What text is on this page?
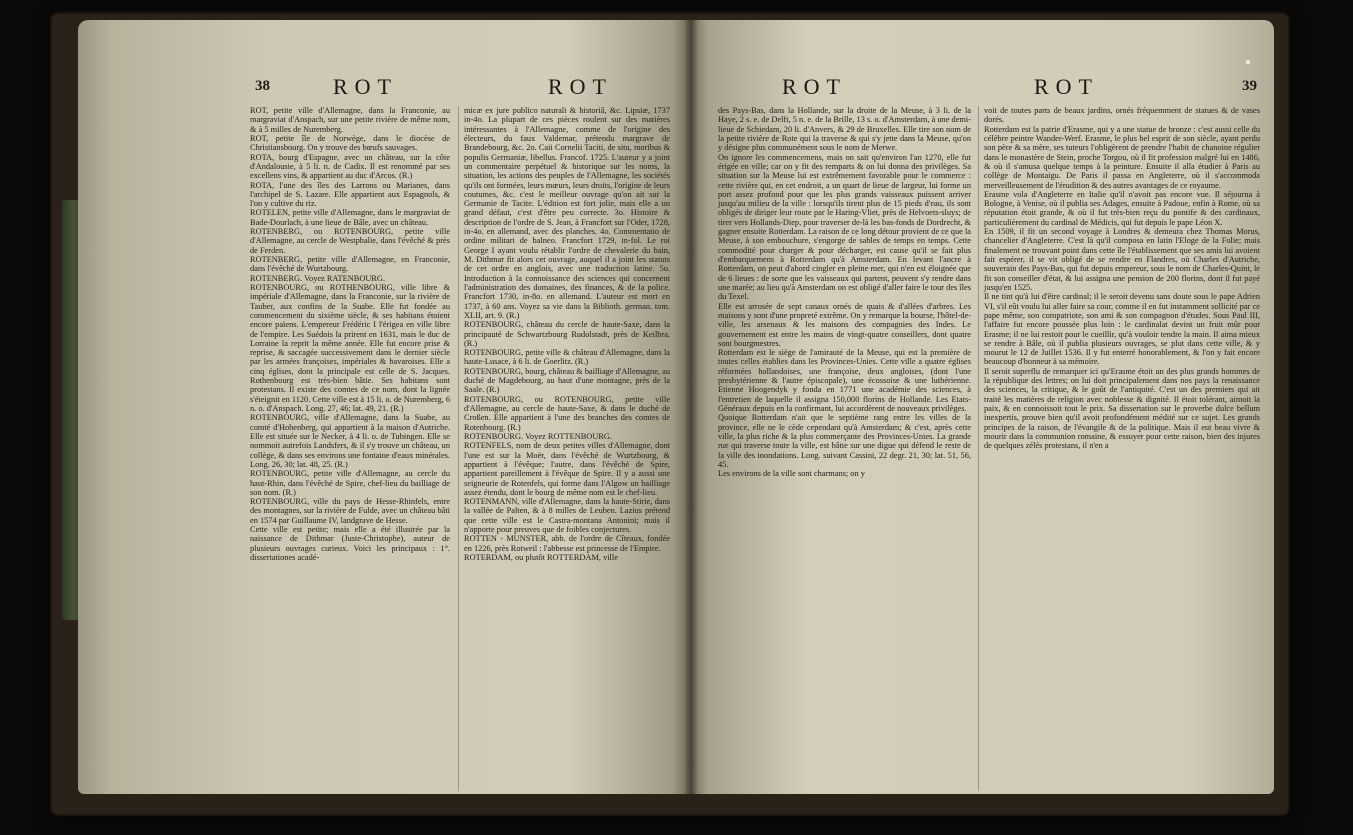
38	ROT	ROT
ROT, petite ville d'Allemagne, dans la Franconie, au margraviat d'Anspach, sur une petite rivière de même nom, & à 5 milles de Nuremberg.
ROT, petite île de Norwège, dans le diocèse de Christiansbourg. On y trouve des bœufs sauvages.
ROTA, bourg d'Espagne, avec un château, sur la côte d'Andalousie, à 5 li. n. de Cadix. Il est renommé par ses excellens vins, & appartient au duc d'Arcos. (R.)
ROTA, l'une des îles des Larrons ou Marianes, dans l'archipel de S. Lazare. Elle appartient aux Espagnols, & l'on y cultive du riz.
ROTELEN, petite ville d'Allemagne, dans le margraviat de Bade-Dourlach, à une lieue de Bâle, avec un château.
ROTENBERG, ou ROTENBOURG, petite ville d'Allemagne, au cercle de Westphalie, dans l'évêché & près de Ferden.
ROTENBERG, petite ville d'Allemagne, en Franconie, dans l'évêché de Wurtzbourg.
ROTENBERG. Voyez RATENBOURG.
ROTENBOURG, ou ROTHENBOURG, ville libre & impériale d'Allemagne, dans la Franconie, sur la rivière de Tauber, aux confins de la Suabe. Elle fut fondée au commencement du sixième siècle, & ses habitans étoient encore païens. L'empereur Frédéric I l'érigea en ville libre de l'empire. Les Suédois la prirent en 1631, mais le duc de Lorraine la reprit la même année. Elle fut encore prise & reprise, & saccagée successivement dans le dernier siècle par les armées françoises, impériales & bavaroises. Elle a cinq églises, dont la principale est celle de S. Jacques. Rothenbourg est très-bien bâtie. Ses habitans sont protestans. Il existe des comtes de ce nom, dont la lignée s'éteignit en 1120. Cette ville est à 15 li. o. de Nuremberg, 6 n. o. d'Anspach. Long. 27, 46; lat. 49, 21. (R.)
ROTENBOURG, ville d'Allemagne, dans la Suabe, au comté d'Hohenberg, qui appartient à la maison d'Autriche. Elle est située sur le Necker, à 4 li. o. de Tubingen. Elle se nommoit autrefois Landsfers, & il s'y trouve un château, un collège, & dans ses environs une fontaine d'eaux minérales. Long. 26, 30; lat. 48, 25. (R.)
ROTENBOURG, petite ville d'Allemagne, au cercle du haut-Rhin, dans l'évêché de Spire, chef-lieu du bailliage de son nom. (R.)
ROTENBOURG, ville du pays de Hesse-Rhinfels, entre des montagnes, sur la rivière de Fulde, avec un château bâti en 1574 par Guillaume IV, landgrave de Hesse.
Cette ville est petite; mais elle a été illustrée par la naissance de Dithmar (Juste-Christophe), auteur de plusieurs ouvrages curieux. Voici les principaux : 1°. dissertationes acadé-
micæ ex jure publico naturali & historiâ, &c. Lipsiæ, 1737 in-4o. La plupart de ces pièces roulent sur des matières intéressantes à l'Allemagne, comme de l'origine des électeurs, du faux Valdemar, prétendu margrave de Brandebourg, &c. 2o. Caii Cornelii Taciti, de situ, moribus & populis Germaniæ, libellus. Francof. 1725. L'auteur y a joint un commentaire perpétuel & historique sur les noms, la situation, les actions des peuples de l'Allemagne, les sociétés qu'ils ont formées, leurs mœurs, leurs droits, l'origine de leurs coutumes, &c. c'est le meilleur ouvrage qu'on ait sur la Germanie de Tacite. L'édition est fort jolie, mais elle a un grand défaut, c'est d'être peu correcte. 3o. Histoire & description de l'ordre de S. Jean, à Francfort sur l'Oder, 1728, in-4o. en allemand, avec des planches. 4o. Commentatio de ordine militari de balneo. Francfort 1729, in-fol. Le roi George I ayant voulu rétablir l'ordre de chevalerie du bain, M. Dithmar fit alors cet ouvrage, auquel il a joint les statuts de cet ordre en anglois, avec une traduction latine. 5o. Introduction à la connoissance des sciences qui concernent l'administration des domaines, des finances, & de la police. Francfort 1730, in-8o. en allemand. L'auteur est mort en 1737, à 60 ans. Voyez sa vie dans la Biblioth. german. tom. XLII, art. 9. (R.)
ROTENBOURG, château du cercle de haute-Saxe, dans la principauté de Schwartzbourg Rudolstadt, près de Keilbra. (R.)
ROTENBOURG, petite ville & château d'Allemagne, dans la haute-Lusace, à 6 li. de Goerlitz. (R.)
ROTENBOURG, bourg, château & bailliage d'Allemagne, au duché de Magdebourg, au haut d'une montagne, près de la Saale. (R.)
ROTENBOURG, ou ROTENBOURG, petite ville d'Allemagne, au cercle de haute-Saxe, & dans le duché de Croßen. Elle appartient à l'une des branches des comtes de Rotenbourg. (R.)
ROTENBOURG. Voyez ROTTENBOURG.
ROTENFELS, nom de deux petites villes d'Allemagne, dont l'une est sur la Moër, dans l'évêché de Wurtzbourg, & appartient à l'évêque; l'autre, dans l'évêché de Spire, appartient pareillement à l'évêque de Spire. Il y a aussi une seigneurie de Rotenfels, qui forme dans l'Algow un bailliage assez étendu, dont le bourg de même nom est le chef-lieu.
ROTENMANN, ville d'Allemagne, dans la haute-Stirie, dans la vallée de Palten, & à 8 milles de Leuben. Lazius prétend que cette ville est le Castra-montana Antonini; mais il n'apporte pour preuves que de foibles conjectures.
ROTTEN - MUNSTER, abb. de l'ordre de Cîteaux, fondée en 1226, près Rotweil : l'abbesse est princesse de l'Empire.
ROTERDAM, ou plutôt ROTTERDAM, ville
39
ROT	ROT
des Pays-Bas, dans la Hollande, sur la droite de la Meuse, à 3 li. de la Haye, 2 s. e. de Delft, 5 n. e. de la Brille, 13 s. o. d'Amsterdam, à une demi-lieue de Schiedam, 20 li. d'Anvers, & 29 de Bruxelles. Elle tire son nom de la petite rivière de Rote qui la traverse & qui s'y jette dans la Meuse, qu'on y désigne plus communément sous le nom de Merwe.
On ignore les commencemens, mais on sait qu'environ l'an 1270, elle fut érigée en ville; car on y fit des remparts & on lui donna des privilèges. Sa situation sur la Meuse lui est extrêmement favorable pour le commerce : cette rivière qui, en cet endroit, a un quart de lieue de largeur, lui forme un port assez profond pour que les plus grands vaisseaux puissent arriver jusqu'au milieu de la ville : lorsqu'ils tirent plus de 15 pieds d'eau, ils sont obligés de diriger leur route par le Haring-Vliet, près de Helvoets-sluys; de tirer vers Hollands-Diep, pour traverser de-là les bas-fonds de Dordrecht, & gagner ensuite Rotterdam. La raison de ce long détour provient de ce que la Meuse, à son embouchure, s'engorge de sables de temps en temps. Cette commodité pour charger & pour décharger, est cause qu'il se fait plus d'embarquemens à Rotterdam qu'à Amsterdam. En levant l'ancre à Rotterdam, on peut d'abord cingler en pleine mer, qui n'en est éloignée que de 6 lieues : de sorte que les vaisseaux qui partent, peuvent s'y rendre dans une marée; au lieu qu'à Amsterdam on est obligé d'aller faire le tour des îles du Texel.
Elle est arrosée de sept canaux ornés de quais & d'allées d'arbres. Les maisons y sont d'une propreté extrême. On y remarque la bourse, l'hôtel-de-ville, les arsenaux & les maisons des compagnies des Indes. Le gouvernement est entre les mains de vingt-quatre conseillers, dont quatre sont bourgmestres.
Rotterdam est le siège de l'amirauté de la Meuse, qui est la première de toutes celles établies dans les Provinces-Unies. Cette ville a quatre églises réformées hollandoises, une françoise, deux angloises, (dont l'une presbytérienne & l'autre épiscopale), une écossoise & une luthérienne. Etienne Hoogendyk y fonda en 1771 une académie des sciences, à l'entretien de laquelle il assigna 150,000 florins de Hollande. Les Etats-Généraux depuis en la confirmant, lui accordèrent de nouveaux privilèges.
Quoique Rotterdam n'ait que le septième rang entre les villes de la province, elle ne le cède cependant qu'à Amsterdam; & c'est, après cette ville, la plus riche & la plus commerçante des Provinces-Unies. La grande rue qui traverse toute la ville, est bâtie sur une digue qui défend le reste de la ville des inondations. Long. suivant Cassini, 22 degr. 21, 30; lat. 51, 56, 45.
Les environs de la ville sont charmans; on y
voit de toutes parts de beaux jardins, ornés fréquemment de statues & de vases dorés.
Rotterdam est la patrie d'Erasme, qui y a une statue de bronze : c'est aussi celle du célèbre peintre Wander-Werf. Erasme, le plus bel esprit de son siècle, ayant perdu son père & sa mère, ses tuteurs l'obligèrent de prendre l'habit de chanoine régulier dans le monastère de Stein, proche Torgou, où il fit profession malgré lui en 1486, & où il s'amusa quelque temps à la peinture. Ensuite il alla étudier à Paris au collège de Montaigu. De Paris il passa en Angleterre, où il s'accommoda merveilleusement de l'érudition & des autres avantages de ce royaume.
Erasme vola d'Angleterre en Italie qu'il n'avoit pas encore vue. Il séjourna à Bologne, à Venise, où il publia ses Adages, ensuite à Padoue, enfin à Rome, où sa réputation étoit grande, & où il fut très-bien reçu du pontife & des cardinaux, particulièrement du cardinal de Médicis, qui fut depuis le pape Léon X.
En 1509, il fit un second voyage à Londres & demeura chez Thomas Morus, chancelier d'Angleterre. C'est là qu'il composa en latin l'Eloge de la Folie; mais finalement ne trouvant point dans cette île l'établissement que ses amis lui avoient fait espérer, il se vit obligé de se rendre en Flandres, où Charles d'Autriche, souverain des Pays-Bas, qui fut depuis empereur, sous le nom de Charles-Quint, le fit son conseiller d'état, & lui assigna une pension de 200 florins, dont il fut payé jusqu'en 1525.
Il ne tint qu'à lui d'être cardinal; il le seroit devenu sans doute sous le pape Adrien VI, s'il eût voulu lui aller faire sa cour, comme il en fut instamment sollicité par ce pape même, son compatriote, son ami & son compagnon d'études. Sous Paul III, l'affaire fut encore poussée plus loin : le cardinalat devint un fruit mûr pour Erasme; il ne lui restoit pour le cueillir, qu'à vouloir tendre la main. Il aima mieux se rendre à Bâle, où il publia plusieurs ouvrages, se plut dans cette ville, & y mourut le 12 de Juillet 1536. Il y fut enterré honorablement, & l'on y fait encore beaucoup d'honneur à sa mémoire.
Il seroit superflu de remarquer ici qu'Erasme étoit un des plus grands hommes de la république des lettres; on lui doit principalement dans nos pays la renaissance des sciences, la critique, & le goût de l'antiquité. C'est un des premiers qui ait traité les matières de religion avec noblesse & dignité. Il étoit tolérant, aimoit la paix, & en connoissoit tout le prix. Sa dissertation sur le proverbe dulce bellum inexpertis, prouve bien qu'il avoit profondément médité sur ce sujet. Les grands principes de la raison, de l'évangile & de la politique. Mais il eut beau vivre & mourir dans la communion romaine, & essuyer pour cette raison, bien des injures de quelques zélés protestans, il n'en a
